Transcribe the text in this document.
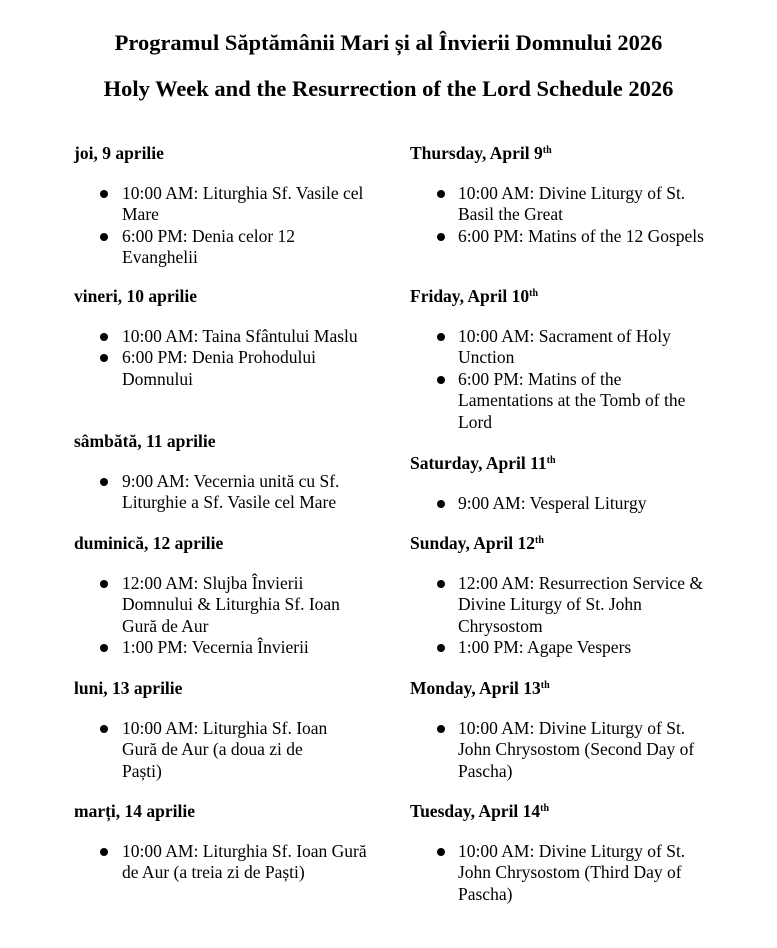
Programul Săptămânii Mari și al Învierii Domnului 2026
Holy Week and the Resurrection of the Lord Schedule 2026
joi, 9 aprilie
10:00 AM: Liturghia Sf. Vasile cel Mare
6:00 PM: Denia celor 12 Evanghelii
vineri, 10 aprilie
10:00 AM: Taina Sfântului Maslu
6:00 PM: Denia Prohodului Domnului
sâmbătă, 11 aprilie
9:00 AM: Vecernia unită cu Sf. Liturghie a Sf. Vasile cel Mare
duminică, 12 aprilie
12:00 AM: Slujba Învierii Domnului & Liturghia Sf. Ioan Gură de Aur
1:00 PM: Vecernia Învierii
luni, 13 aprilie
10:00 AM: Liturghia Sf. Ioan Gură de Aur (a doua zi de Paști)
marți, 14 aprilie
10:00 AM: Liturghia Sf. Ioan Gură de Aur (a treia zi de Paști)
Thursday, April 9th
10:00 AM: Divine Liturgy of St. Basil the Great
6:00 PM: Matins of the 12 Gospels
Friday, April 10th
10:00 AM: Sacrament of Holy Unction
6:00 PM: Matins of the Lamentations at the Tomb of the Lord
Saturday, April 11th
9:00 AM: Vesperal Liturgy
Sunday, April 12th
12:00 AM: Resurrection Service & Divine Liturgy of St. John Chrysostom
1:00 PM: Agape Vespers
Monday, April 13th
10:00 AM: Divine Liturgy of St. John Chrysostom (Second Day of Pascha)
Tuesday, April 14th
10:00 AM: Divine Liturgy of St. John Chrysostom (Third Day of Pascha)
